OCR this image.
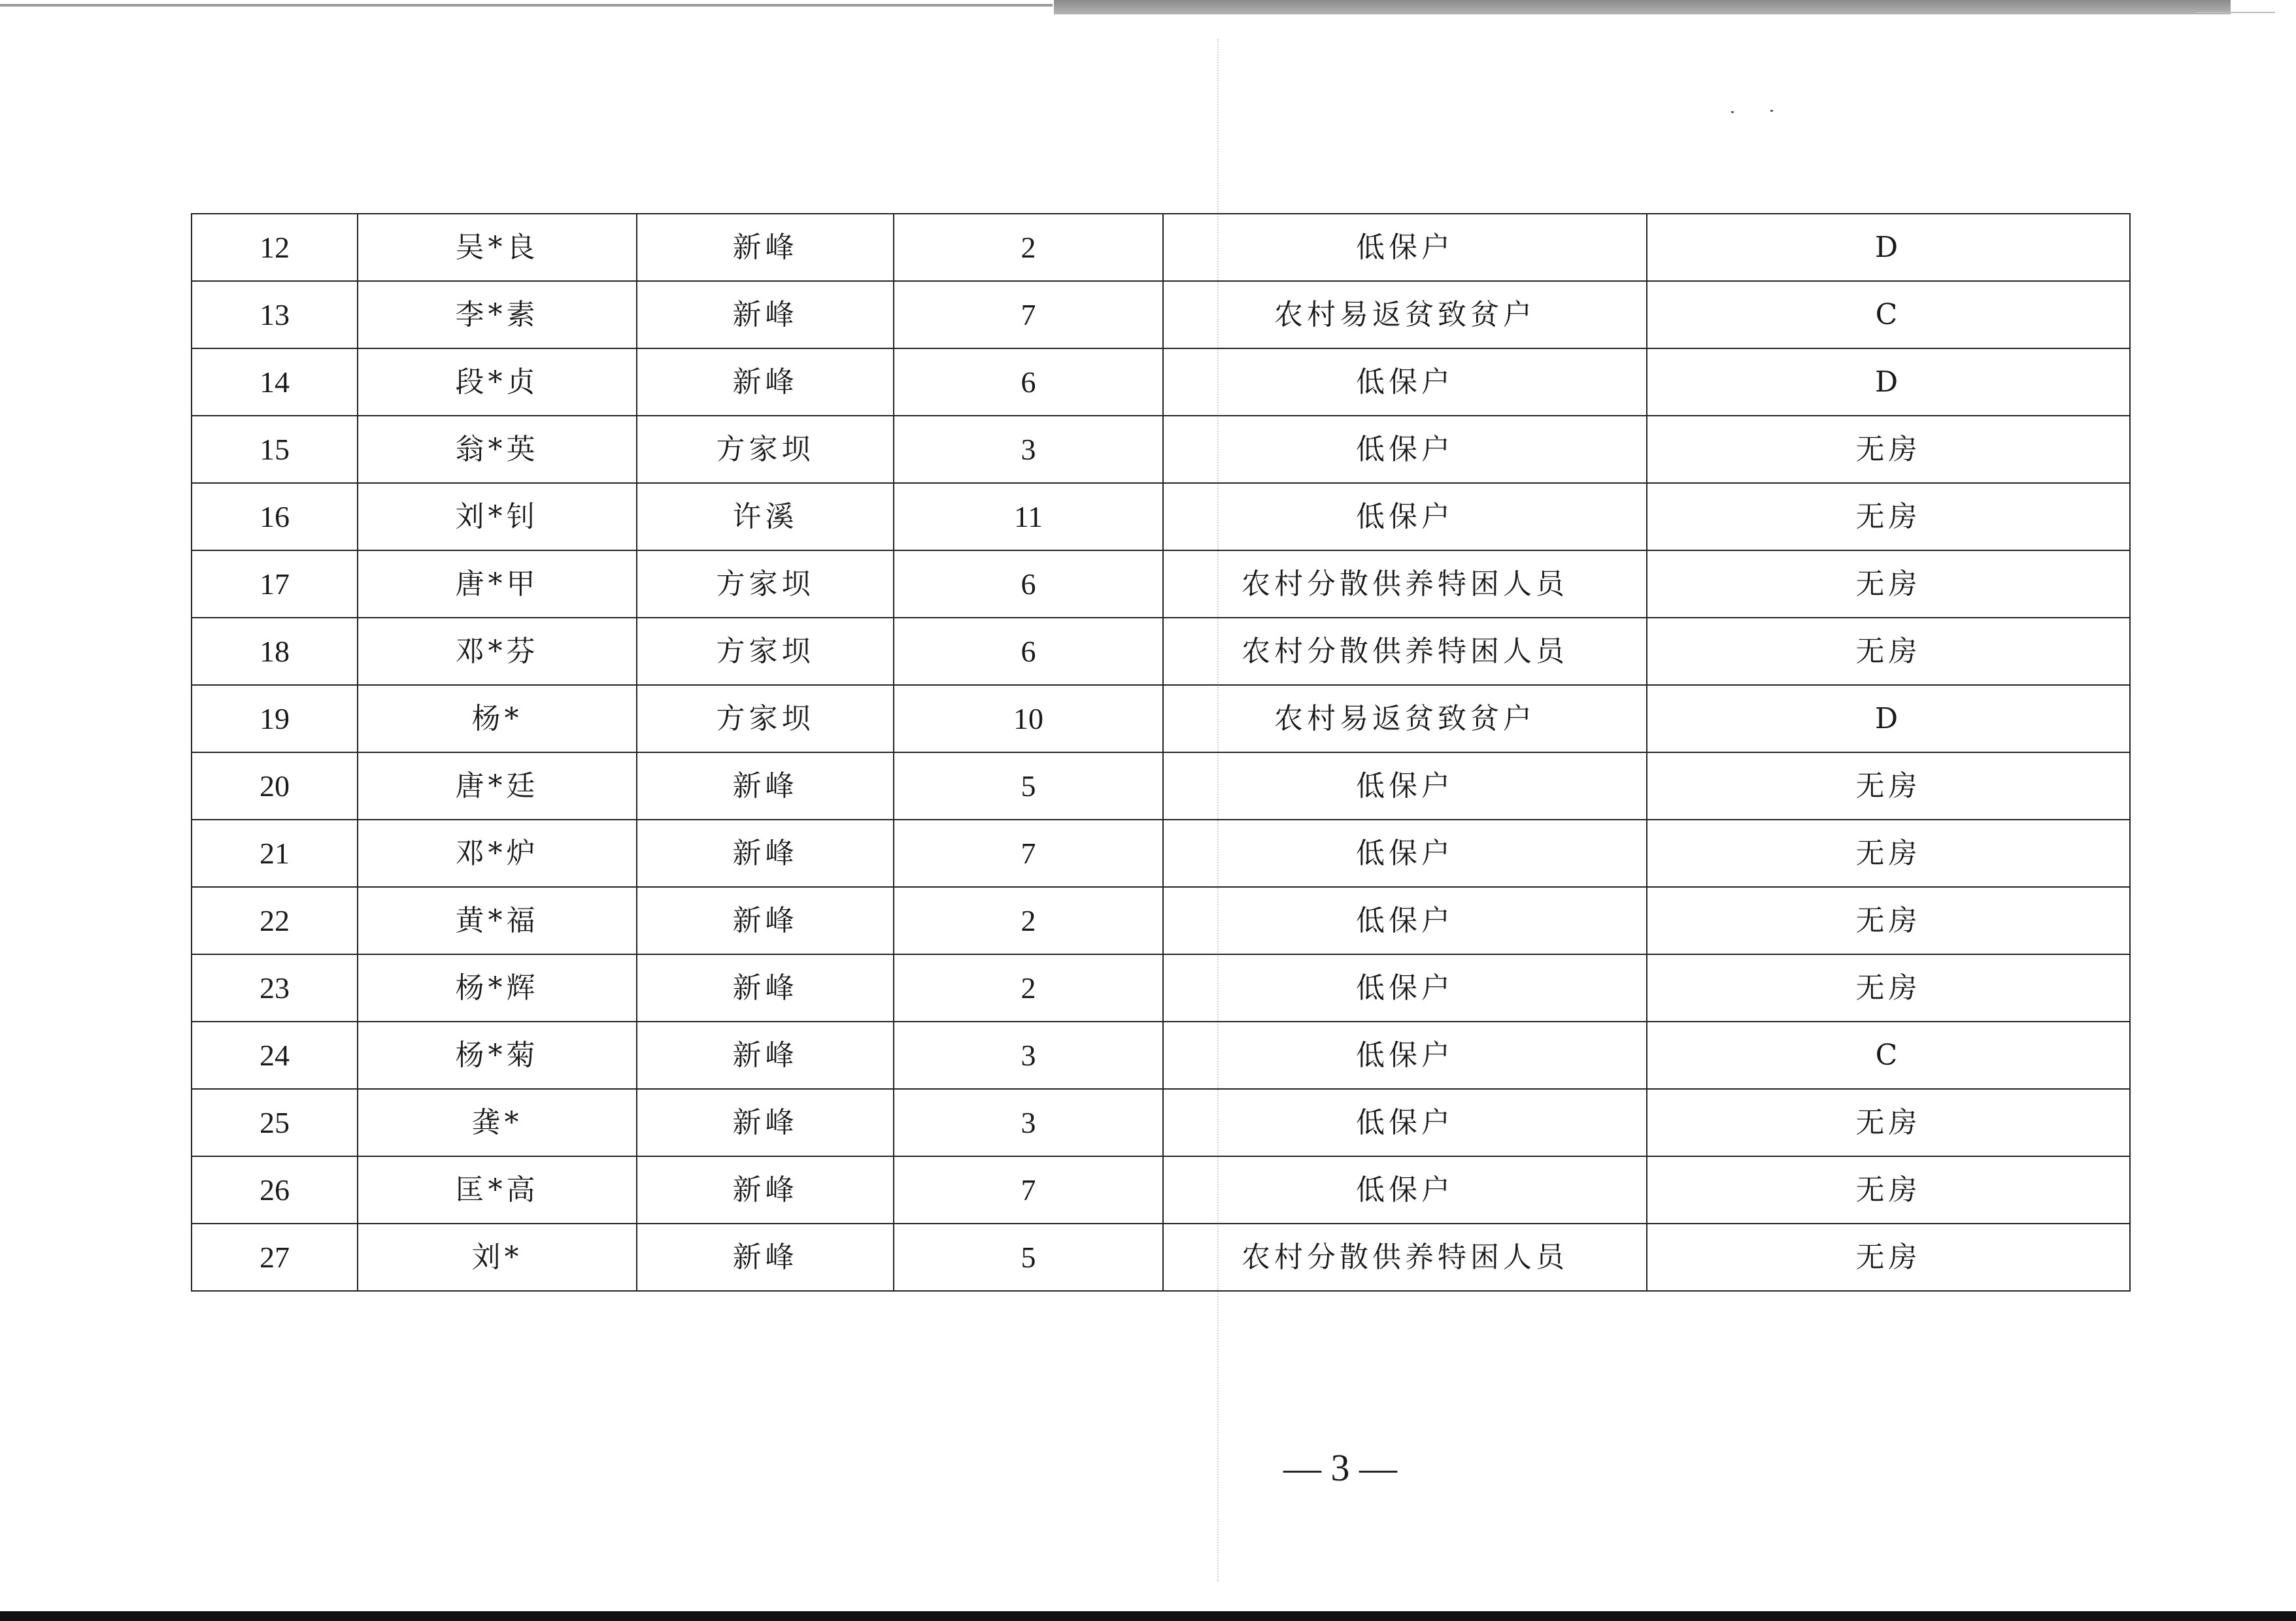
12	吴*良	新峰	2	低保户	D
13	李*素	新峰	7	农村易返贫致贫户	C
14	段*贞	新峰	6	低保户	D
15	翁*英	方家坝	3	低保户	无房
16	刘*钊	许溪	11	低保户	无房
17	唐*甲	方家坝	6	农村分散供养特困人员	无房
18	邓*芬	方家坝	6	农村分散供养特困人员	无房
19	杨*	方家坝	10	农村易返贫致贫户	D
20	唐*廷	新峰	5	低保户	无房
21	邓*炉	新峰	7	低保户	无房
22	黄*福	新峰	2	低保户	无房
23	杨*辉	新峰	2	低保户	无房
24	杨*菊	新峰	3	低保户	C
25	龚*	新峰	3	低保户	无房
26	匡*高	新峰	7	低保户	无房
27	刘*	新峰	5	农村分散供养特困人员	无房
— 3 —
